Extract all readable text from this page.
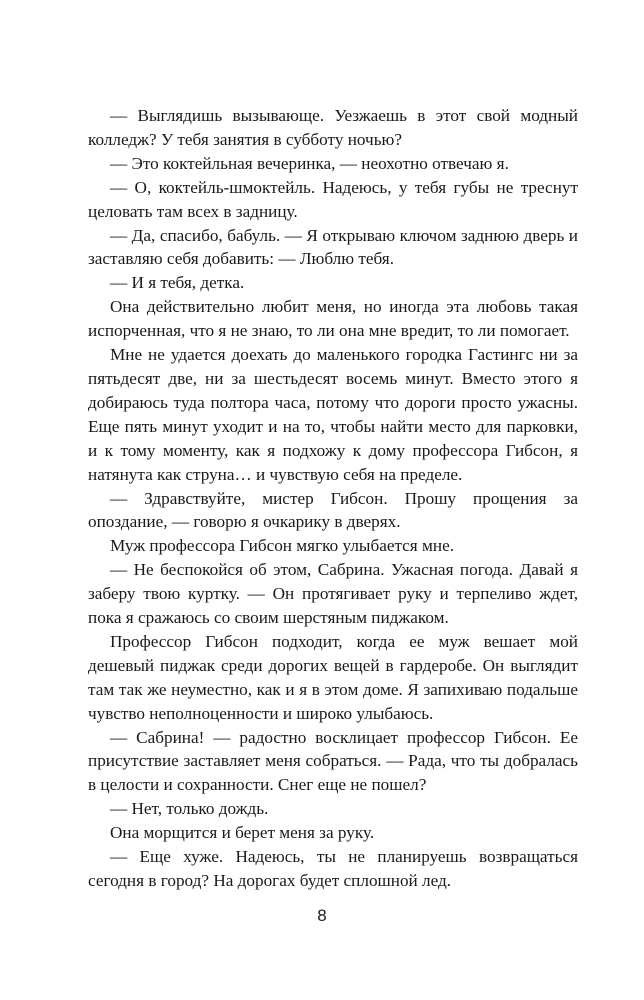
— Выглядишь вызывающе. Уезжаешь в этот свой модный колледж? У тебя занятия в субботу ночью?

— Это коктейльная вечеринка, — неохотно отвечаю я.

— О, коктейль-шмоктейль. Надеюсь, у тебя губы не треснут целовать там всех в задницу.

— Да, спасибо, бабуль. — Я открываю ключом заднюю дверь и заставляю себя добавить: — Люблю тебя.

— И я тебя, детка.

Она действительно любит меня, но иногда эта любовь такая испорченная, что я не знаю, то ли она мне вредит, то ли помогает.

Мне не удается доехать до маленького городка Гастингс ни за пятьдесят две, ни за шестьдесят восемь минут. Вместо этого я добираюсь туда полтора часа, потому что дороги просто ужасны. Еще пять минут уходит и на то, чтобы найти место для парковки, и к тому моменту, как я подхожу к дому профессора Гибсон, я натянута как струна… и чувствую себя на пределе.

— Здравствуйте, мистер Гибсон. Прошу прощения за опоздание, — говорю я очкарику в дверях.

Муж профессора Гибсон мягко улыбается мне.

— Не беспокойся об этом, Сабрина. Ужасная погода. Давай я заберу твою куртку. — Он протягивает руку и терпеливо ждет, пока я сражаюсь со своим шерстяным пиджаком.

Профессор Гибсон подходит, когда ее муж вешает мой дешевый пиджак среди дорогих вещей в гардеробе. Он выглядит там так же неуместно, как и я в этом доме. Я запихиваю подальше чувство неполноценности и широко улыбаюсь.

— Сабрина! — радостно восклицает профессор Гибсон. Ее присутствие заставляет меня собраться. — Рада, что ты добралась в целости и сохранности. Снег еще не пошел?

— Нет, только дождь.

Она морщится и берет меня за руку.

— Еще хуже. Надеюсь, ты не планируешь возвращаться сегодня в город? На дорогах будет сплошной лед.

8
